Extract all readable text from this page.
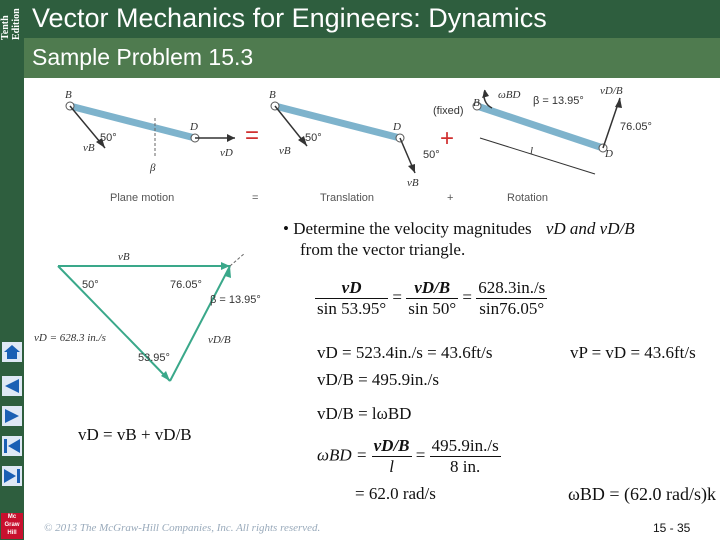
Tenth Edition Vector Mechanics for Engineers: Dynamics
Sample Problem 15.3
Mc Graw Hill
B
D
50°
β
vB	vD
=
B
D
50°
50°
vB
vB
+
B
(fixed)
ωBD β = 13.95°
vD/B
76.05°
l	D
Plane motion	=	Translation	+	Rotation
vB
50°	76.05°
β = 13.95°
vD = 628.3 in./s	vD/B
53.95°
• Determine the velocity magnitudes vD and vD/B
from the vector triangle.
$\frac{vD}{\sin 53.95^\circ} = \frac{vD/B}{\sin 50^\circ} = \frac{628.3in./s}{\sin 76.05^\circ}$
vD = 523.4in./s = 43.6ft/s	vP = vD = 43.6ft/s
vD/B = 495.9in./s
vD/B = lωBD
$\omega BD = \frac{vD/B}{l} = \frac{495.9in./s}{8 in.}$
= 62.0 rad/s
vD = vB + vD/B
ωBD = (62.0 rad/s)k
© 2013 The McGraw-Hill Companies, Inc. All rights reserved.	15 - 35
